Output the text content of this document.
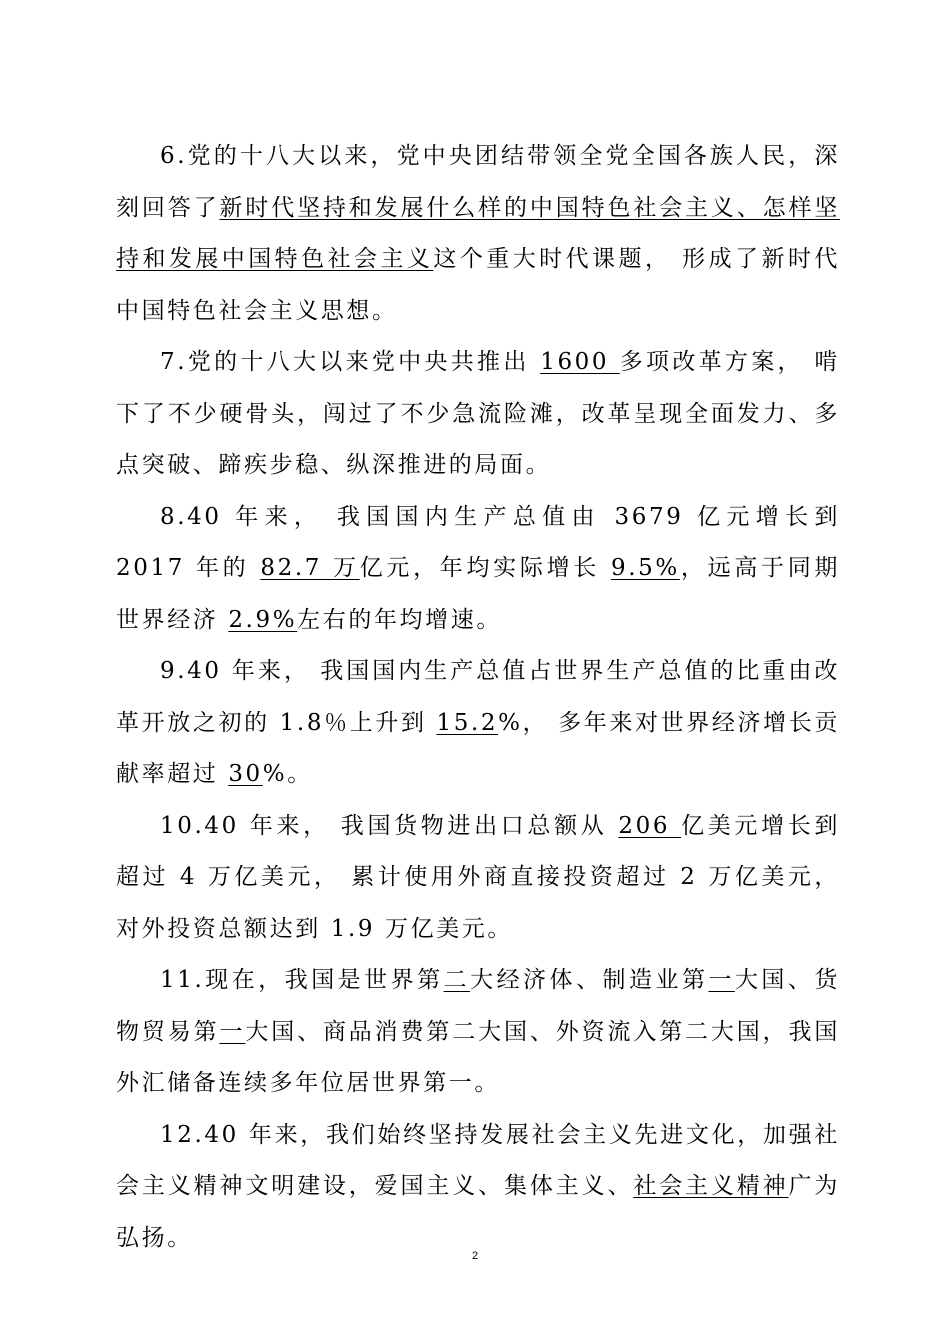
6.党的十八大以来，党中央团结带领全党全国各族人民，深刻回答了新时代坚持和发展什么样的中国特色社会主义、怎样坚持和发展中国特色社会主义这个重大时代课题， 形成了新时代中国特色社会主义思想。

7.党的十八大以来党中央共推出 1600 多项改革方案， 啃下了不少硬骨头，闯过了不少急流险滩，改革呈现全面发力、多点突破、蹄疾步稳、纵深推进的局面。

8.40 年来， 我国国内生产总值由 3679 亿元增长到 2017 年的 82.7 万亿元，年均实际增长 9.5%，远高于同期世界经济 2.9%左右的年均增速。

9.40 年来， 我国国内生产总值占世界生产总值的比重由改革开放之初的 1.8％上升到 15.2%， 多年来对世界经济增长贡献率超过 30%。

10.40 年来， 我国货物进出口总额从 206 亿美元增长到超过 4 万亿美元， 累计使用外商直接投资超过 2 万亿美元， 对外投资总额达到 1.9 万亿美元。

11.现在，我国是世界第二大经济体、制造业第一大国、货物贸易第一大国、商品消费第二大国、外资流入第二大国，我国外汇储备连续多年位居世界第一。

12.40 年来，我们始终坚持发展社会主义先进文化，加强社会主义精神文明建设，爱国主义、集体主义、社会主义精神广为弘扬。

2
